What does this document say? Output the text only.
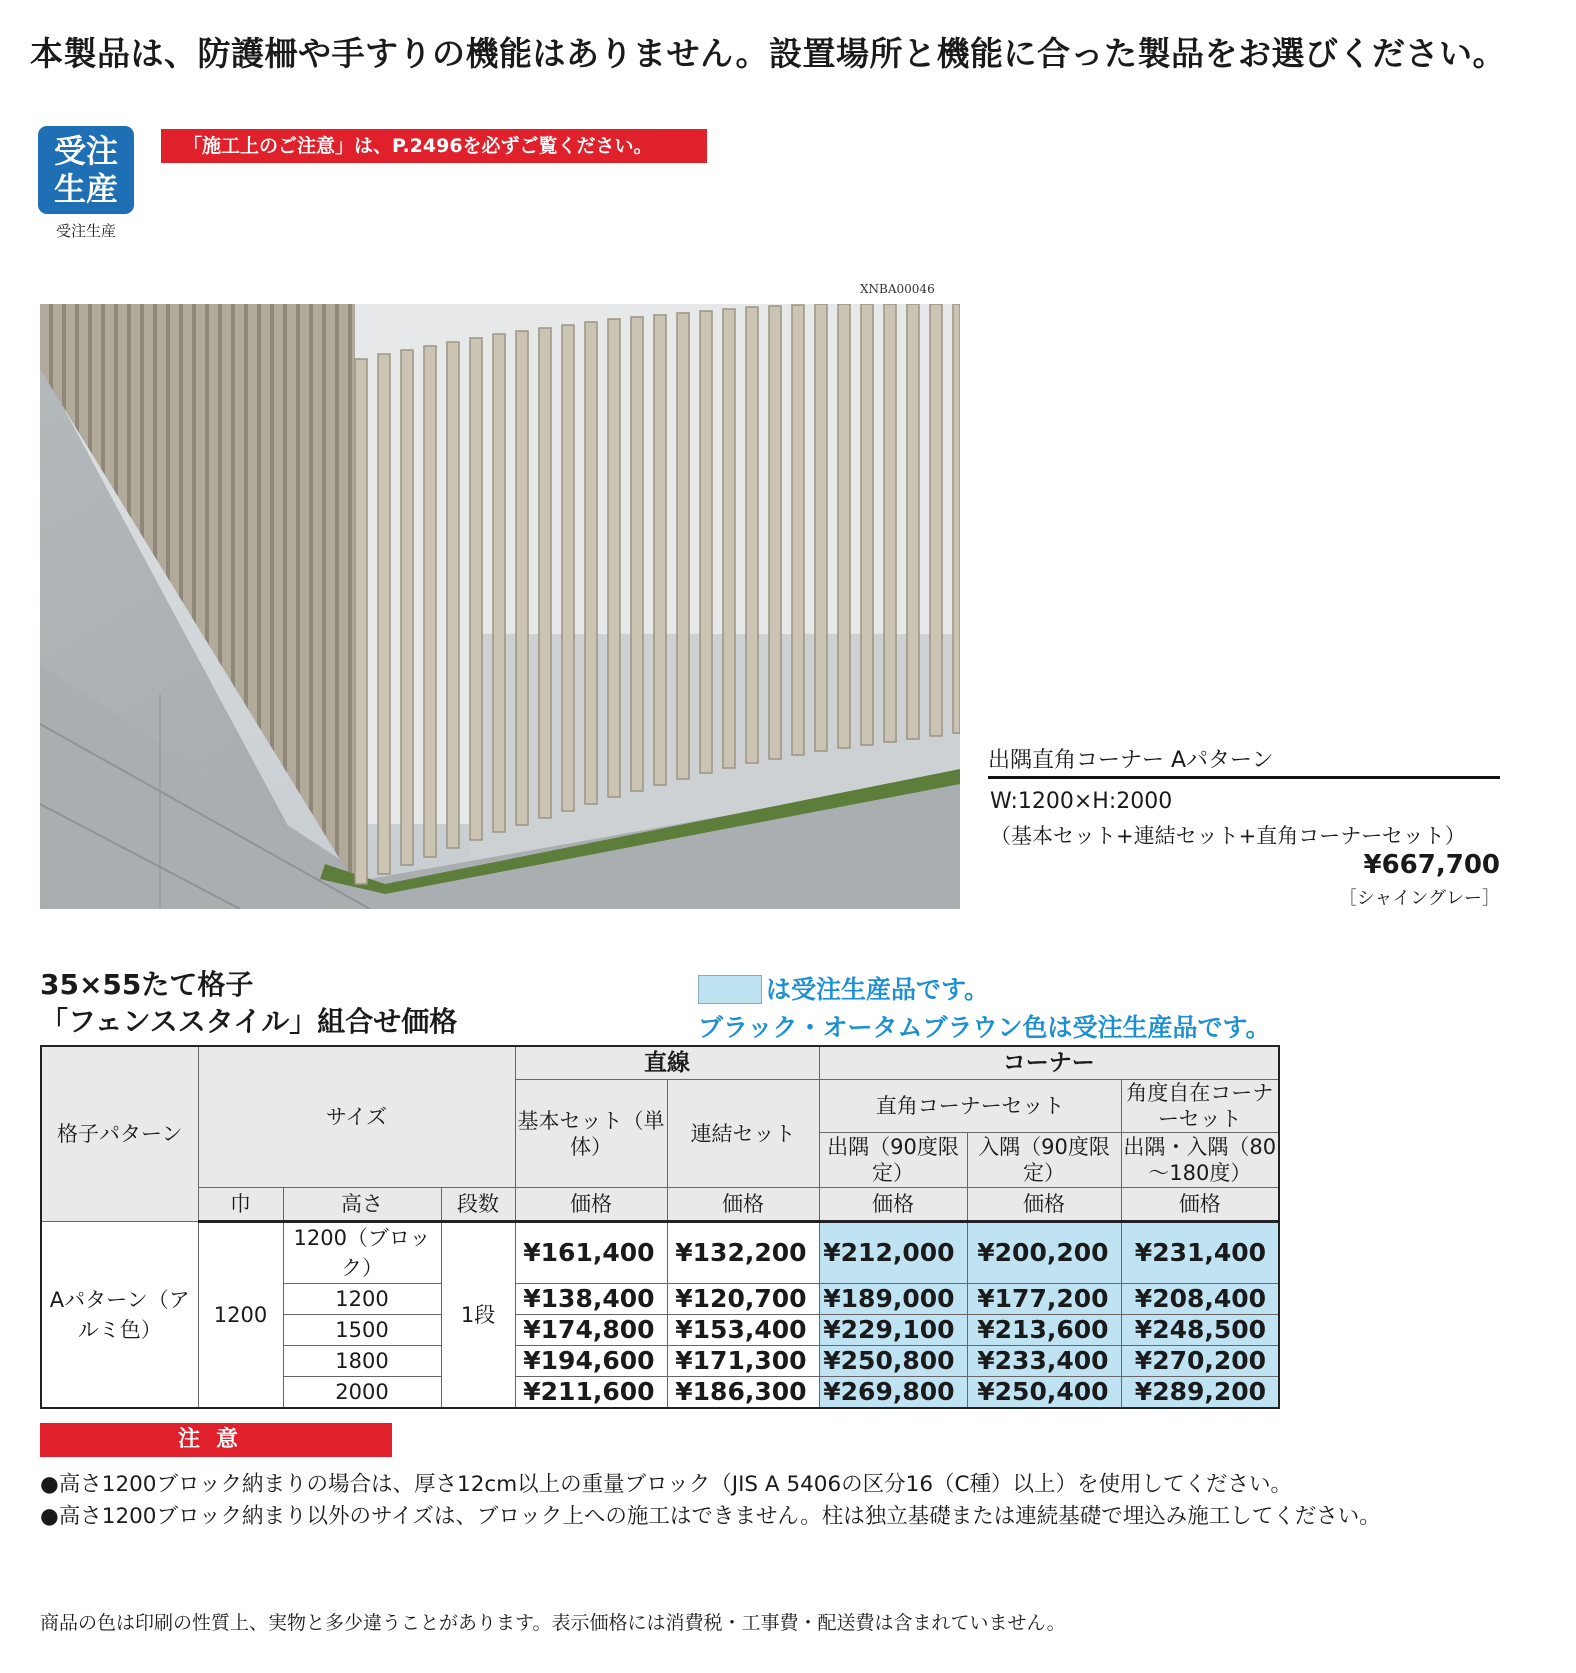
本製品は、防護柵や手すりの機能はありません。設置場所と機能に合った製品をお選びください。
受注
生産
受注生産
「施工上のご注意」は、P.2496を必ずご覧ください。
XNBA00046
出隅直角コーナー Aパターン
W:1200×H:2000
（基本セット+連結セット+直角コーナーセット）
¥667,700
［シャイングレー］
35×55たて格子
「フェンススタイル」組合せ価格
は受注生産品です。
ブラック・オータムブラウン色は受注生産品です。
格子パターン	サイズ			直線		コーナー		
				基本セット（単体）	連結セット	直角コーナーセット		角度自在コーナーセット
						出隅（90度限定）	入隅（90度限定）	出隅・入隅（80～180度）
	巾	高さ	段数	価格	価格	価格	価格	価格
Aパターン（アルミ色）	1200	1200（ブロック）	1段	¥161,400	¥132,200	¥212,000	¥200,200	¥231,400
		1200		¥138,400	¥120,700	¥189,000	¥177,200	¥208,400
		1500		¥174,800	¥153,400	¥229,100	¥213,600	¥248,500
		1800		¥194,600	¥171,300	¥250,800	¥233,400	¥270,200
		2000		¥211,600	¥186,300	¥269,800	¥250,400	¥289,200
注意
●高さ1200ブロック納まりの場合は、厚さ12cm以上の重量ブロック（JIS A 5406の区分16（C種）以上）を使用してください。
●高さ1200ブロック納まり以外のサイズは、ブロック上への施工はできません。柱は独立基礎または連続基礎で埋込み施工してください。
商品の色は印刷の性質上、実物と多少違うことがあります。表示価格には消費税・工事費・配送費は含まれていません。
